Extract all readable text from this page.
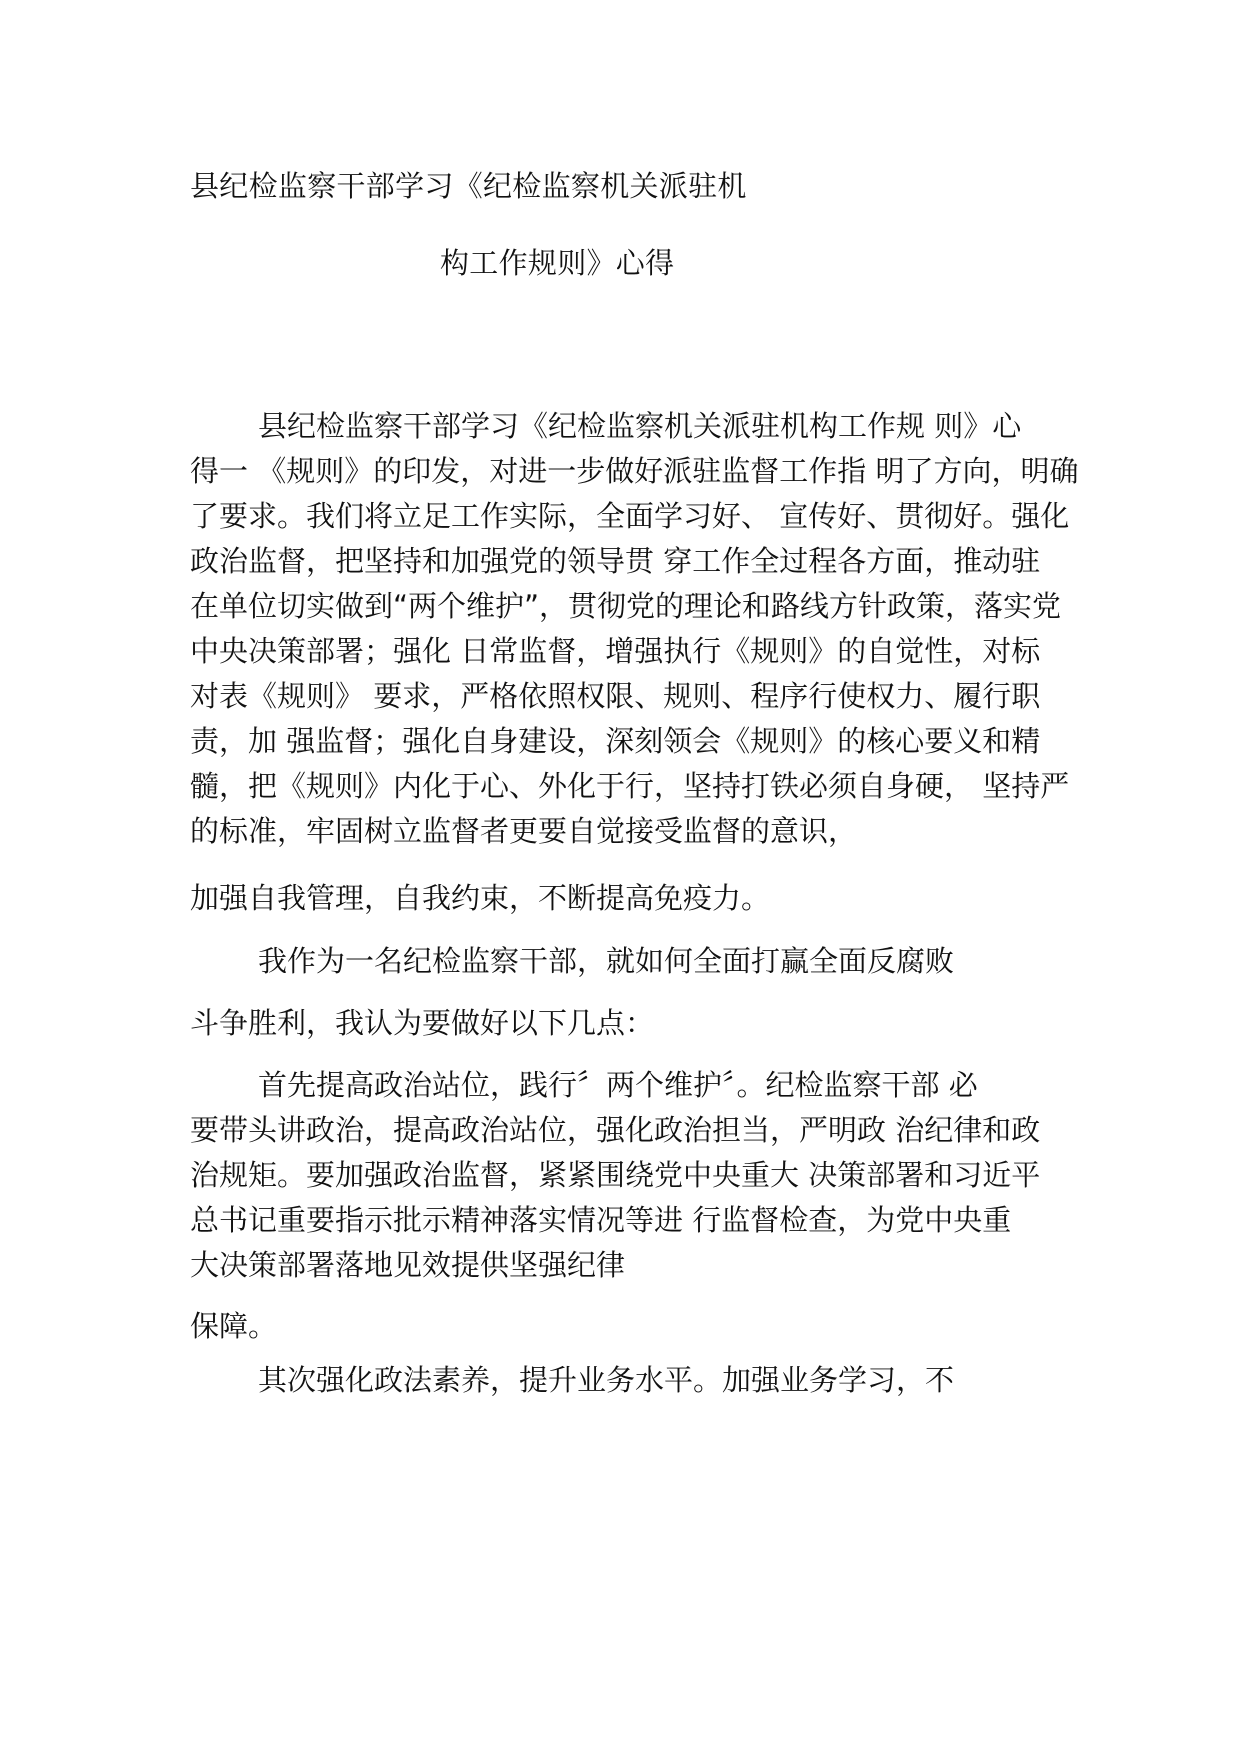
县纪检监察干部学习《纪检监察机关派驻机
构工作规则》心得

县纪检监察干部学习《纪检监察机关派驻机构工作规 则》心
得一 《规则》的印发，对进一步做好派驻监督工作指 明了方向，明确
了要求。我们将立足工作实际，全面学习好、 宣传好、贯彻好。强化
政治监督，把坚持和加强党的领导贯 穿工作全过程各方面，推动驻
在单位切实做到“两个维护”，贯彻党的理论和路线方针政策，落实党
中央决策部署；强化 日常监督，增强执行《规则》的自觉性，对标
对表《规则》 要求，严格依照权限、规则、程序行使权力、履行职
责，加 强监督；强化自身建设，深刻领会《规则》的核心要义和精
髓，把《规则》内化于心、外化于行，坚持打铁必须自身硬， 坚持严
的标准，牢固树立监督者更要自觉接受监督的意识，

加强自我管理，自我约束，不断提高免疫力。

我作为一名纪检监察干部，就如何全面打赢全面反腐败

斗争胜利，我认为要做好以下几点：

首先提高政治站位，践行〞两个维护〞。纪检监察干部 必
要带头讲政治，提高政治站位，强化政治担当，严明政 治纪律和政
治规矩。要加强政治监督，紧紧围绕党中央重大 决策部署和习近平
总书记重要指示批示精神落实情况等进 行监督检查，为党中央重
大决策部署落地见效提供坚强纪律

保障。

其次强化政法素养，提升业务水平。加强业务学习，不
